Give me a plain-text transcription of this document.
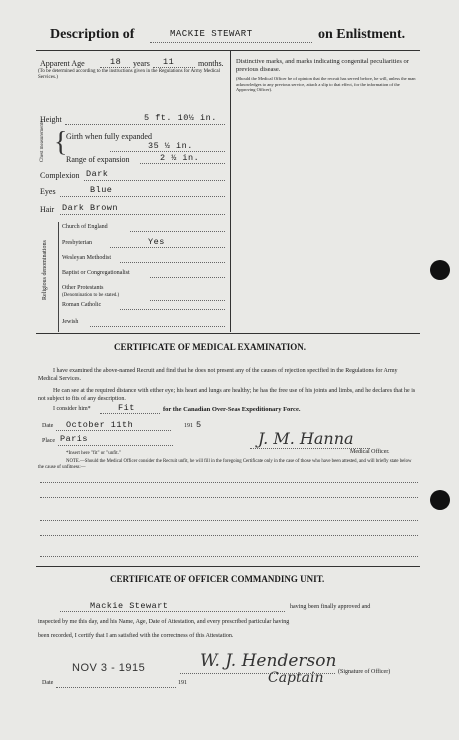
Description of	MACKIE STEWART	on Enlistment.
Apparent Age	18 years 11	months.
(To be determined according to the instructions given in the Regulations for Army Medical Services.)
Height	5 ft. 10½ in.
Chest measurements {
Girth when fully expanded
35 ½ in.
Range of expansion	2 ½ in.
Complexion Dark
Eyes	Blue
Hair Dark Brown
Religious denominations
Church of England
Presbyterian	Yes
Wesleyan Methodist
Baptist or Congregationalist
Other Protestants
(Denomination to be stated.)
Roman Catholic
Jewish
Distinctive marks, and marks indicating congenital peculiarities or previous disease.
(Should the Medical Officer be of opinion that the recruit has served before, he will, unless the man acknowledges to any previous service, attach a slip to that effect, for the information of the Approving Officer).
CERTIFICATE OF MEDICAL EXAMINATION.
I have examined the above-named Recruit and find that he does not present any of the causes of rejection specified in the Regulations for Army Medical Services.
He can see at the required distance with either eye; his heart and lungs are healthy; he has the free use of his joints and limbs, and he declares that he is not subject to fits of any description.
I consider him*	Fit	for the Canadian Over-Seas Expeditionary Force.
Date October 11th	191 5
Place Paris	J. M. Hanna
Medical Officer.
*Insert here "fit" or "unfit."
NOTE.—Should the Medical Officer consider the Recruit unfit, he will fill in the foregoing Certificate only in the case of those who have been attested, and will briefly state below the cause of unfitness:—
CERTIFICATE OF OFFICER COMMANDING UNIT.
Mackie Stewart	having been finally approved and
inspected by me this day, and his Name, Age, Date of Attestation, and every prescribed particular having
been recorded, I certify that I am satisfied with the correctness of this Attestation.
NOV 3 - 1915	W. J. Henderson
Captain (Signature of Officer)
Date	191
